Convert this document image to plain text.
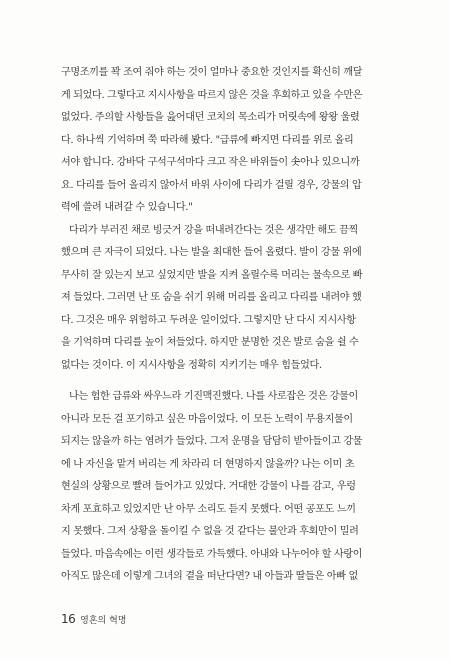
구명조끼를 꽉 조여 줘야 하는 것이 얼마나 중요한 것인지를 확신히 깨달
게 되었다. 그렇다고 지시사항을 따르지 않은 것을 후회하고 있을 수만은
없었다. 주의할 사항들을 읊어대던 코치의 목소리가 머릿속에 왕왕 울렸
다. 하나씩 기억하며 쭉 따라해 봤다. "급류에 빠지면 다리를 위로 올리
셔야 합니다. 강바닥 구석구석마다 크고 작은 바위들이 솟아나 있으니까
요. 다리를 들어 올리지 않아서 바위 사이에 다리가 걸릴 경우, 강물의 압
력에 쓸려 내려갈 수 있습니다."
다리가 부러진 채로 빙긋거 강을 떠내려간다는 것은 생각만 해도 끔찍
했으며 큰 자극이 되었다. 나는 발을 최대한 들어 올렸다. 발이 강물 위에
무사히 잘 있는지 보고 싶었지만 발을 지켜 올릴수록 머리는 물속으로 빠
져 들었다. 그러면 난 또 숨을 쉬기 위해 머리를 올리고 다리를 내려야 했
다. 그것은 매우 위험하고 두려운 일이었다. 그렇지만 난 다시 지시사항
을 기억하며 다리를 높이 쳐들었다. 하지만 분명한 것은 발로 숨을 쉴 수
없다는 것이다. 이 지시사항을 정확히 지키기는 매우 힘들었다.
나는 험한 급류와 싸우느라 기진맥진했다. 나를 사로잡은 것은 강물이
아니라 모든 걸 포기하고 싶은 마음이었다. 이 모든 노력이 무용지물이
되지는 않을까 하는 염려가 들었다. 그저 운명을 담담히 받아들이고 강물
에 나 자신을 맡겨 버리는 게 차라리 더 현명하지 않을까? 나는 이미 초
현실의 상황으로 빨려 들어가고 있었다. 거대한 강물이 나를 감고, 우렁
차게 포효하고 있었지만 난 아무 소리도 듣지 못했다. 어떤 공포도 느끼
지 못했다. 그저 상황을 돌이킬 수 없을 것 같다는 불안과 후회만이 밀려
들었다. 마음속에는 이런 생각들로 가득했다. 아내와 나누어야 할 사랑이
아직도 많은데 이렇게 그녀의 곁을 떠난다면? 내 아들과 딸들은 아빠 없
16 영혼의 혁명
